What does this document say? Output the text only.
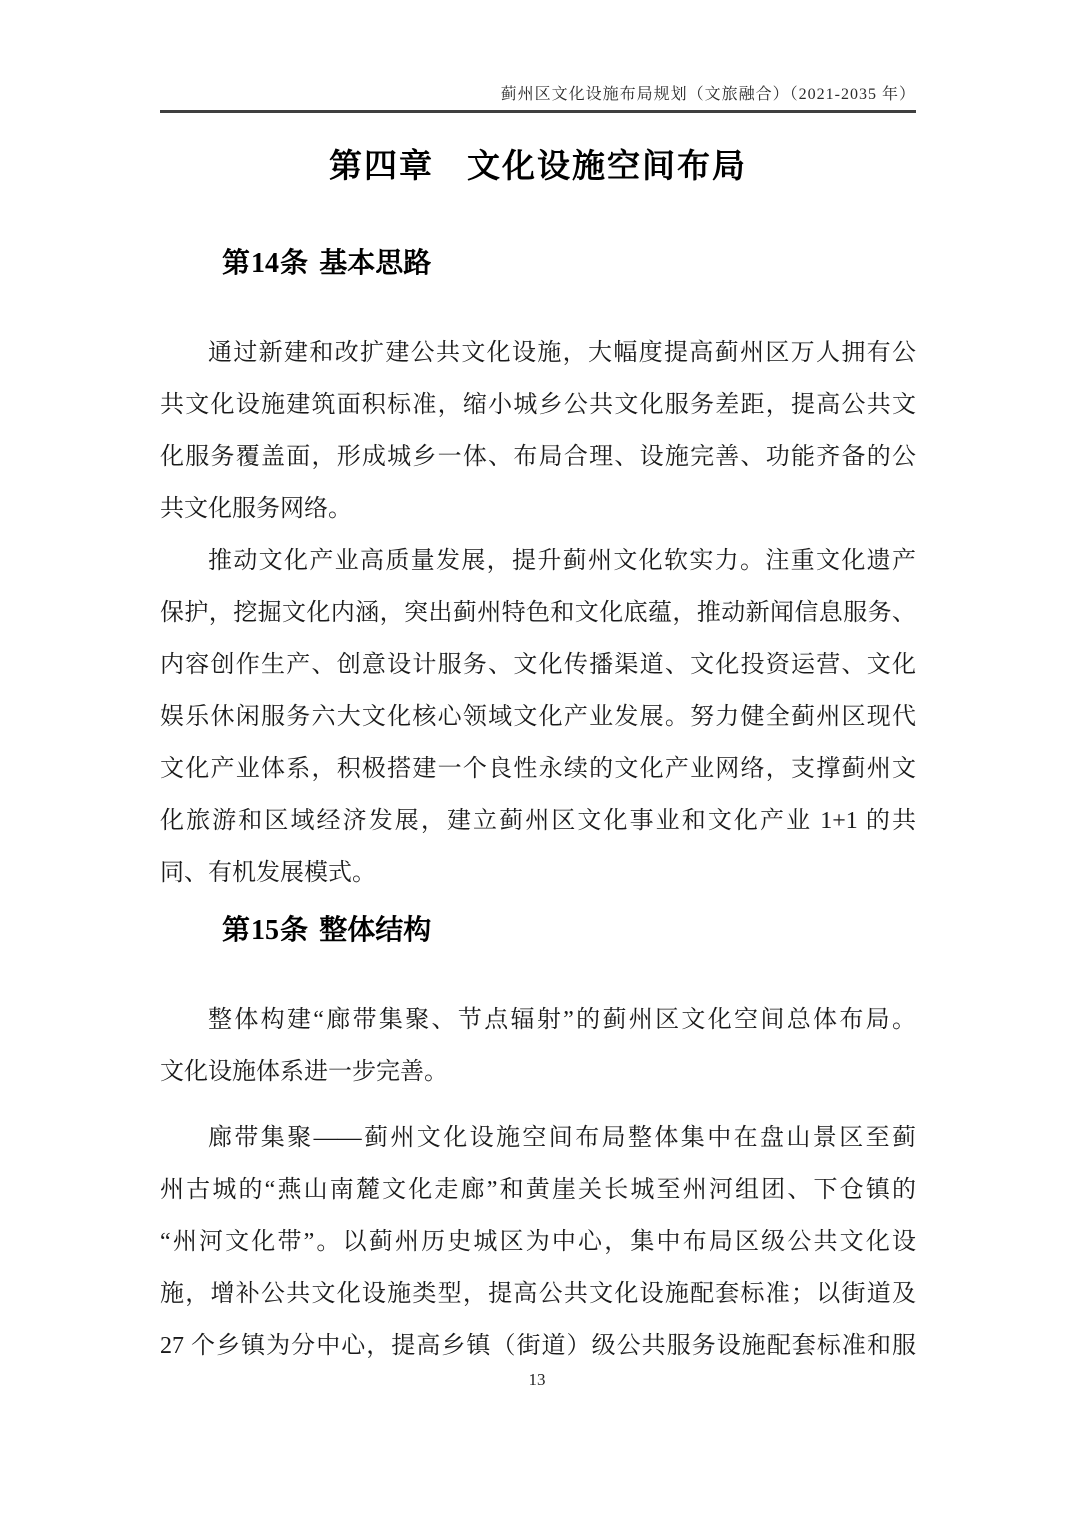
蓟州区文化设施布局规划（文旅融合）（2021-2035 年）
第四章 文化设施空间布局
第14条 基本思路
通过新建和改扩建公共文化设施，大幅度提高蓟州区万人拥有公
共文化设施建筑面积标准，缩小城乡公共文化服务差距，提高公共文
化服务覆盖面，形成城乡一体、布局合理、设施完善、功能齐备的公
共文化服务网络。
推动文化产业高质量发展，提升蓟州文化软实力。注重文化遗产
保护，挖掘文化内涵，突出蓟州特色和文化底蕴，推动新闻信息服务、
内容创作生产、创意设计服务、文化传播渠道、文化投资运营、文化
娱乐休闲服务六大文化核心领域文化产业发展。努力健全蓟州区现代
文化产业体系，积极搭建一个良性永续的文化产业网络，支撑蓟州文
化旅游和区域经济发展，建立蓟州区文化事业和文化产业 1+1 的共
同、有机发展模式。
第15条 整体结构
整体构建“廊带集聚、节点辐射”的蓟州区文化空间总体布局。
文化设施体系进一步完善。
廊带集聚——蓟州文化设施空间布局整体集中在盘山景区至蓟
州古城的“燕山南麓文化走廊”和黄崖关长城至州河组团、下仓镇的
“州河文化带”。以蓟州历史城区为中心，集中布局区级公共文化设
施，增补公共文化设施类型，提高公共文化设施配套标准；以街道及
27 个乡镇为分中心，提高乡镇（街道）级公共服务设施配套标准和服
13
